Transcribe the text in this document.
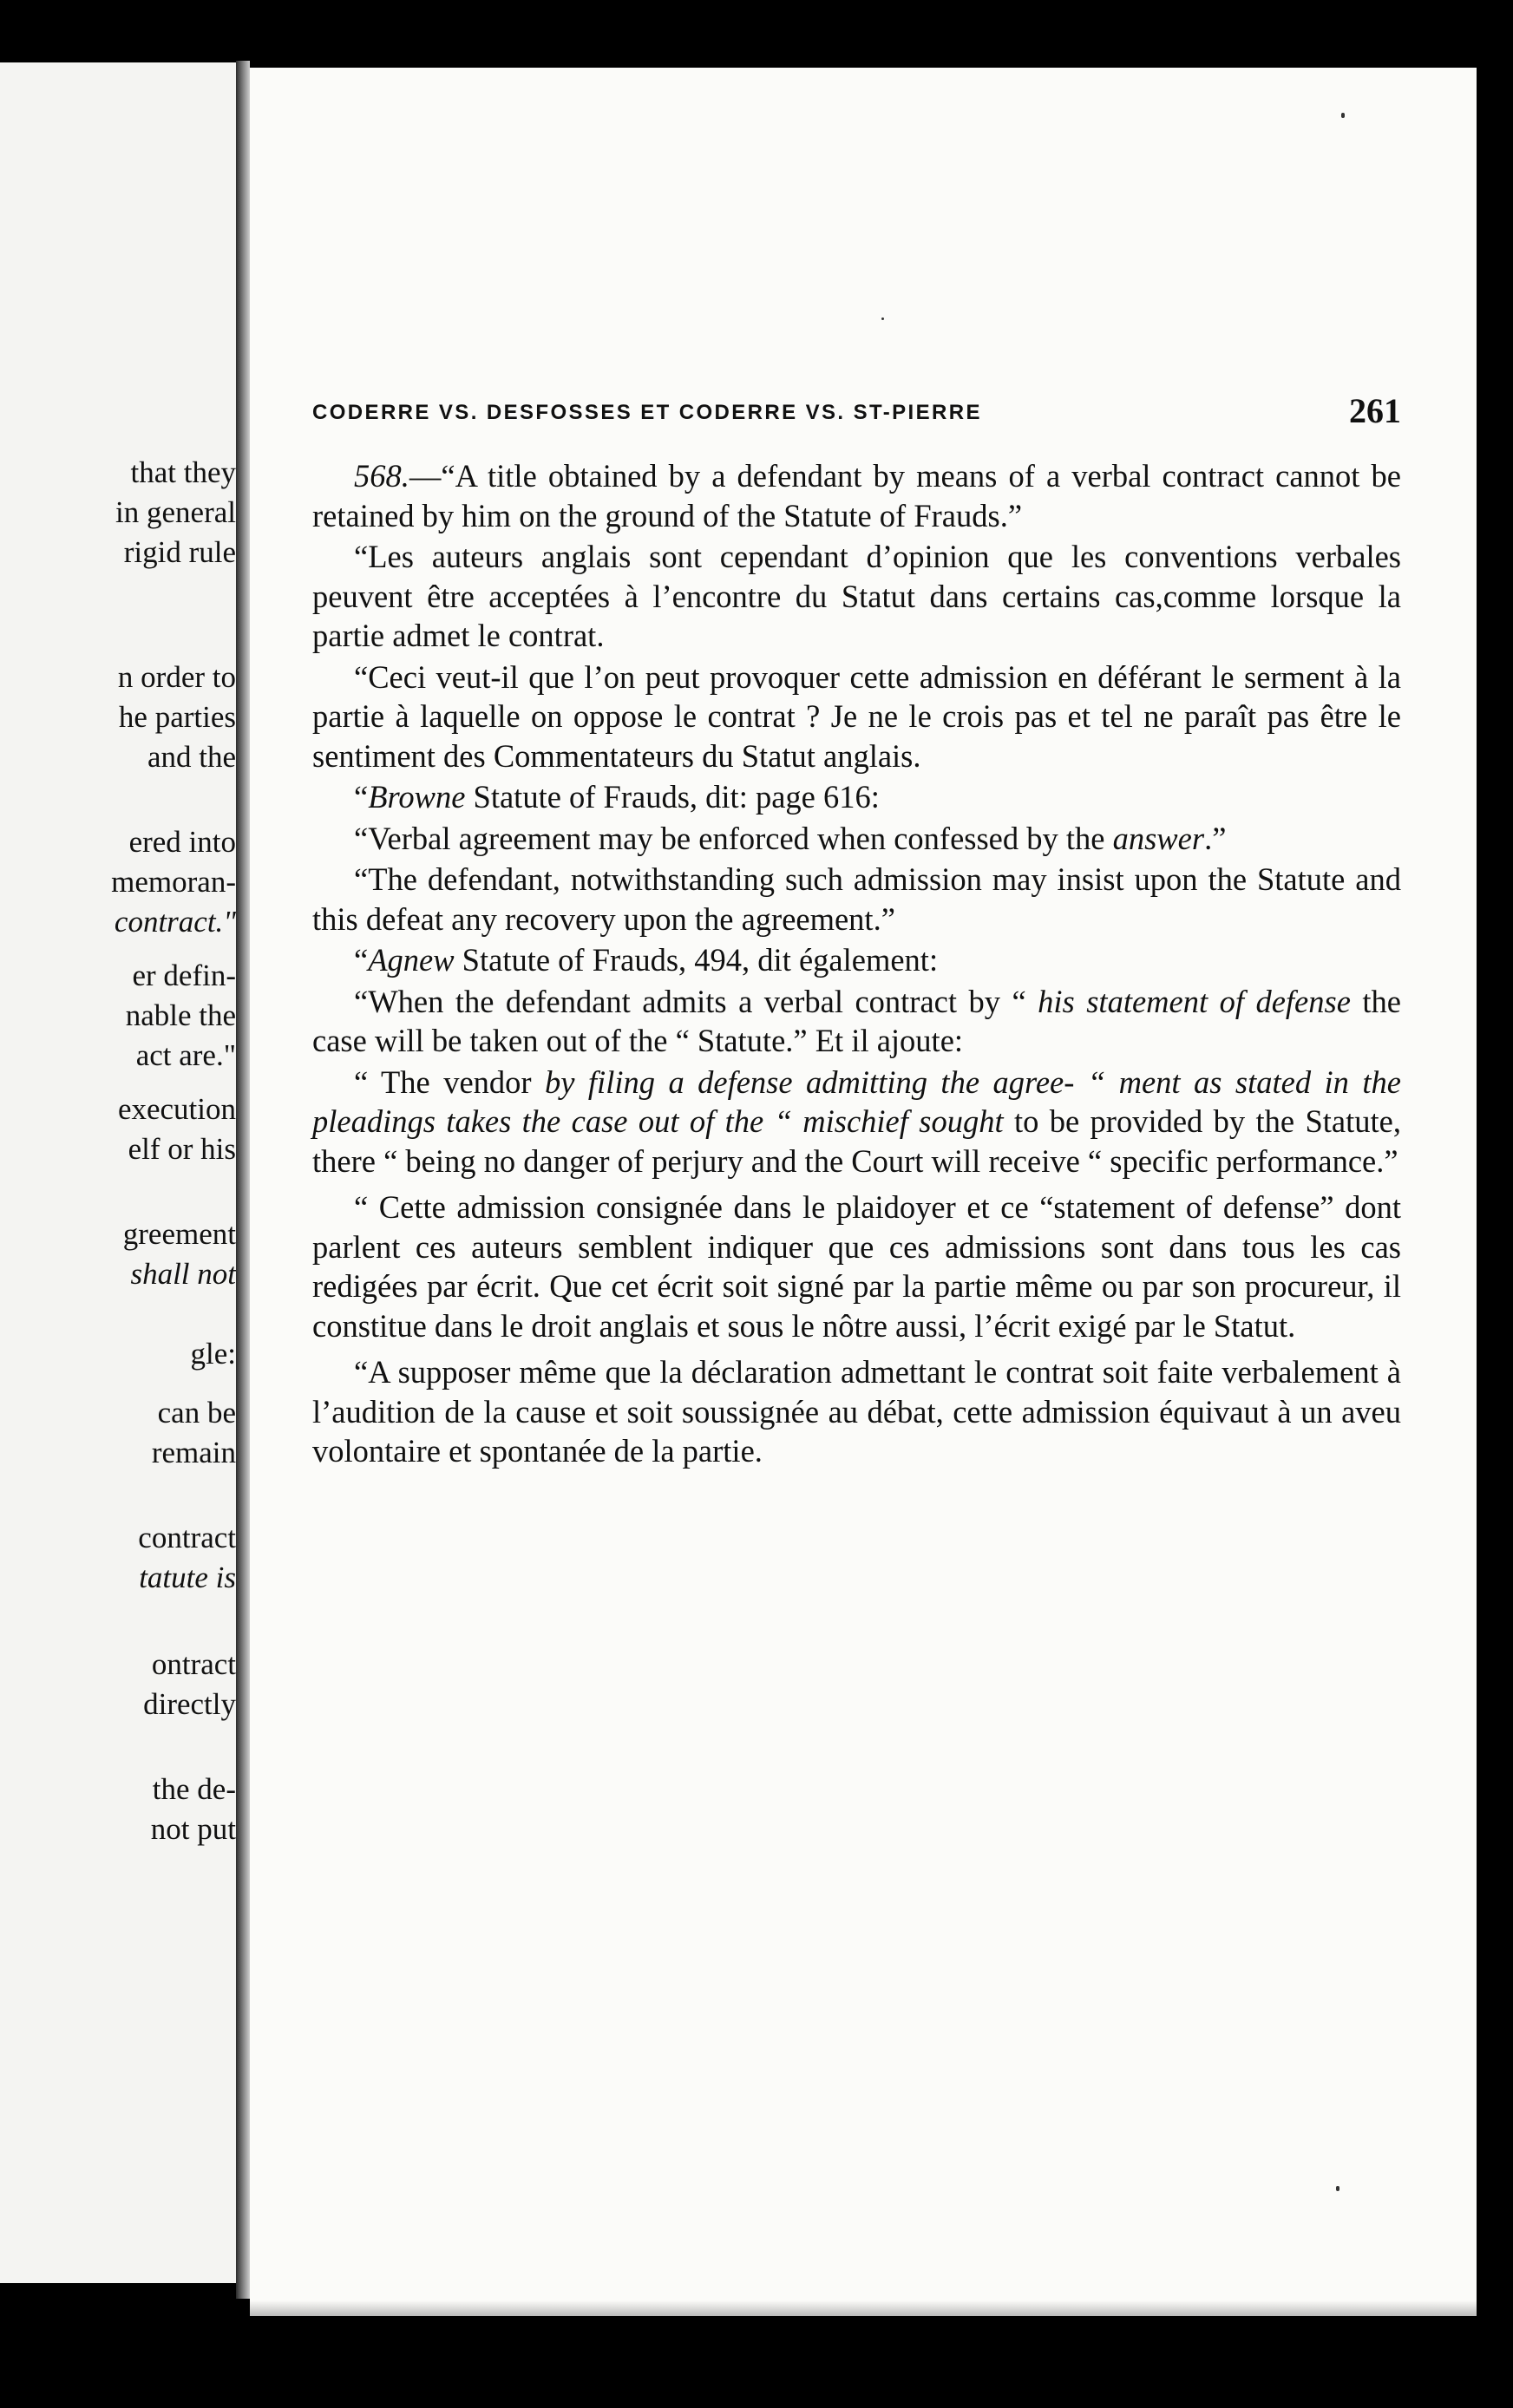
that they
in general
rigid rule
n order to
he parties
and the
ered into
memoran-
contract."
er defin-
nable the
act are."
execution
elf or his
greement
shall not
gle:
can be
remain
contract
tatute is
ontract
directly
the de-
not put
CODERRE VS. DESFOSSES ET CODERRE VS. ST-PIERRE	261

568.—“A title obtained by a defendant by means of a verbal contract cannot be retained by him on the ground of the Statute of Frauds.”

“Les auteurs anglais sont cependant d’opinion que les conventions verbales peuvent être acceptées à l’encontre du Statut dans certains cas,comme lorsque la partie admet le contrat.

“Ceci veut-il que l’on peut provoquer cette admission en déférant le serment à la partie à laquelle on oppose le contrat ? Je ne le crois pas et tel ne paraît pas être le sentiment des Commentateurs du Statut anglais.

“Browne Statute of Frauds, dit: page 616:

“Verbal agreement may be enforced when confessed by the answer.”

“The defendant, notwithstanding such admission may insist upon the Statute and this defeat any recovery upon the agreement.”

“Agnew Statute of Frauds, 494, dit également:

“When the defendant admits a verbal contract by “ his statement of defense the case will be taken out of the “ Statute.” Et il ajoute:

“ The vendor by filing a defense admitting the agree- “ ment as stated in the pleadings takes the case out of the “ mischief sought to be provided by the Statute, there “ being no danger of perjury and the Court will receive “ specific performance.”

“ Cette admission consignée dans le plaidoyer et ce “statement of defense” dont parlent ces auteurs semblent indiquer que ces admissions sont dans tous les cas redigées par écrit. Que cet écrit soit signé par la partie même ou par son procureur, il constitue dans le droit anglais et sous le nôtre aussi, l’écrit exigé par le Statut.

“A supposer même que la déclaration admettant le contrat soit faite verbalement à l’audition de la cause et soit soussignée au débat, cette admission équivaut à un aveu volontaire et spontanée de la partie.
